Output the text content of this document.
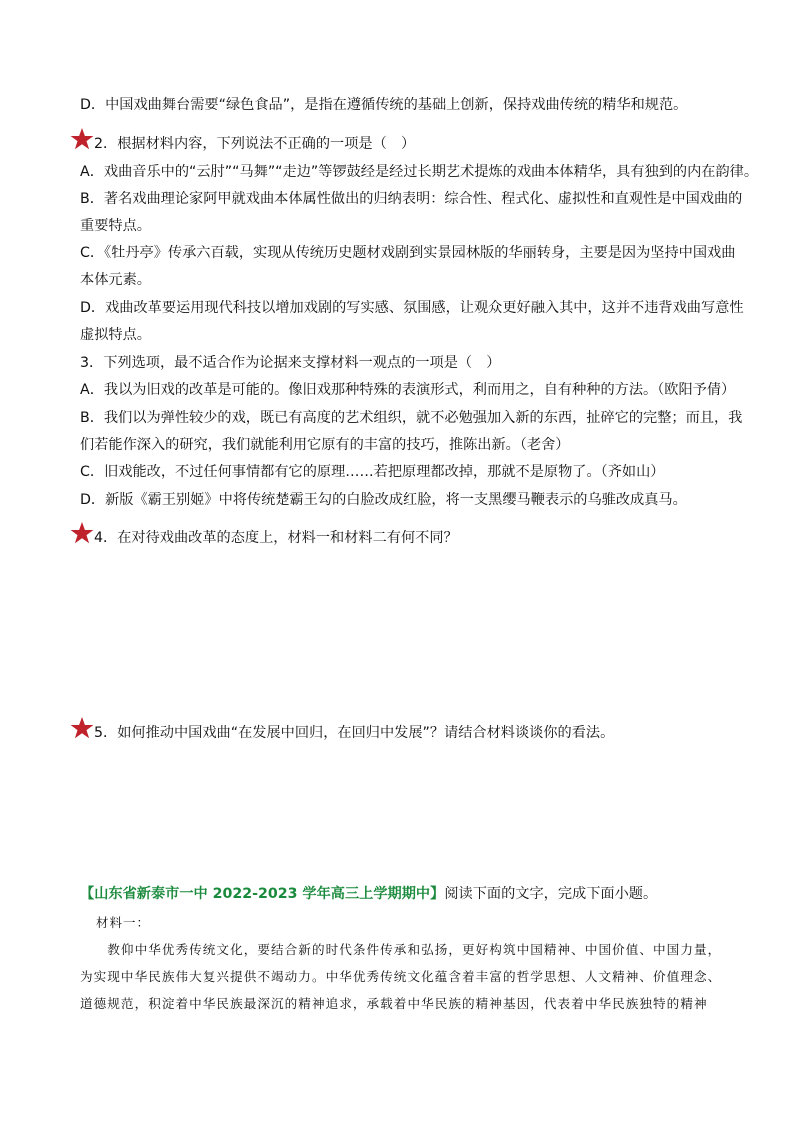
D．中国戏曲舞台需要“绿色食品”，是指在遵循传统的基础上创新，保持戏曲传统的精华和规范。
2．根据材料内容，下列说法不正确的一项是（　）
A．戏曲音乐中的“云肘”“马舞”“走边”等锣鼓经是经过长期艺术提炼的戏曲本体精华，具有独到的内在韵律。
B．著名戏曲理论家阿甲就戏曲本体属性做出的归纳表明：综合性、程式化、虚拟性和直观性是中国戏曲的
重要特点。
C．《牡丹亭》传承六百载，实现从传统历史题材戏剧到实景园林版的华丽转身，主要是因为坚持中国戏曲
本体元素。
D．戏曲改革要运用现代科技以增加戏剧的写实感、氛围感，让观众更好融入其中，这并不违背戏曲写意性
虚拟特点。
3．下列选项，最不适合作为论据来支撑材料一观点的一项是（　）
A．我以为旧戏的改革是可能的。像旧戏那种特殊的表演形式，利而用之，自有种种的方法。（欧阳予倩）
B．我们以为弹性较少的戏，既已有高度的艺术组织，就不必勉强加入新的东西，扯碎它的完整；而且，我
们若能作深入的研究，我们就能利用它原有的丰富的技巧，推陈出新。（老舍）
C．旧戏能改，不过任何事情都有它的原理……若把原理都改掉，那就不是原物了。（齐如山）
D．新版《霸王别姬》中将传统楚霸王勾的白脸改成红脸，将一支黑缨马鞭表示的乌骓改成真马。
4．在对待戏曲改革的态度上，材料一和材料二有何不同？
5．如何推动中国戏曲“在发展中回归，在回归中发展”？请结合材料谈谈你的看法。
【山东省新泰市一中 2022-2023 学年高三上学期期中】阅读下面的文字，完成下面小题。
材料一：
　　教仰中华优秀传统文化，要结合新的时代条件传承和弘扬，更好构筑中国精神、中国价值、中国力量，
为实现中华民族伟大复兴提供不竭动力。中华优秀传统文化蕴含着丰富的哲学思想、人文精神、价值理念、
道德规范，积淀着中华民族最深沉的精神追求，承载着中华民族的精神基因，代表着中华民族独特的精神
